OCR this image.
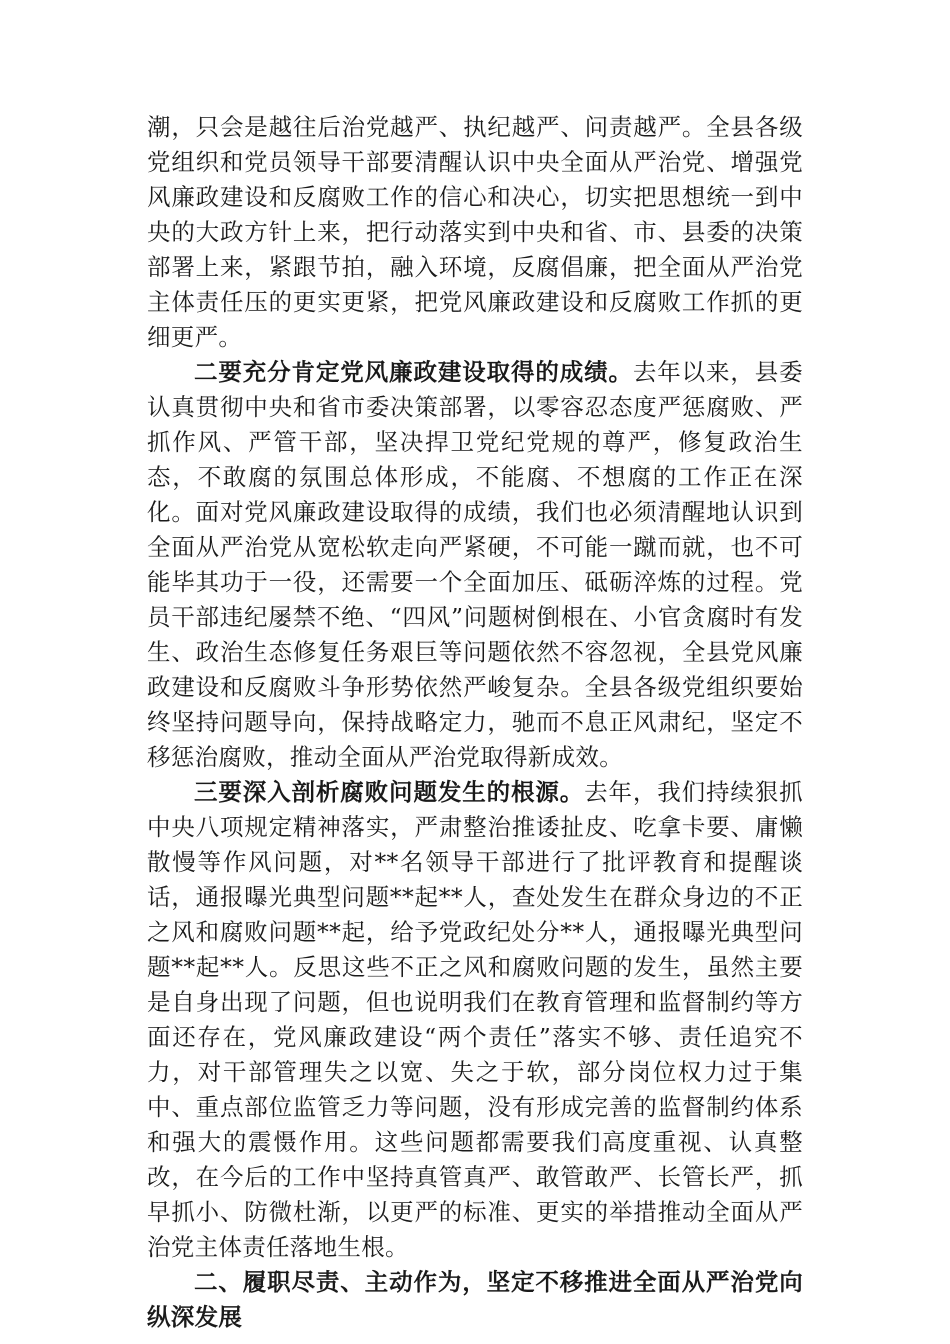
潮，只会是越往后治党越严、执纪越严、问责越严。全县各级党组织和党员领导干部要清醒认识中央全面从严治党、增强党风廉政建设和反腐败工作的信心和决心，切实把思想统一到中央的大政方针上来，把行动落实到中央和省、市、县委的决策部署上来，紧跟节拍，融入环境，反腐倡廉，把全面从严治党主体责任压的更实更紧，把党风廉政建设和反腐败工作抓的更细更严。

二要充分肯定党风廉政建设取得的成绩。去年以来，县委认真贯彻中央和省市委决策部署，以零容忍态度严惩腐败、严抓作风、严管干部，坚决捍卫党纪党规的尊严，修复政治生态，不敢腐的氛围总体形成，不能腐、不想腐的工作正在深化。面对党风廉政建设取得的成绩，我们也必须清醒地认识到全面从严治党从宽松软走向严紧硬，不可能一蹴而就，也不可能毕其功于一役，还需要一个全面加压、砥砺淬炼的过程。党员干部违纪屡禁不绝、“四风”问题树倒根在、小官贪腐时有发生、政治生态修复任务艰巨等问题依然不容忽视，全县党风廉政建设和反腐败斗争形势依然严峻复杂。全县各级党组织要始终坚持问题导向，保持战略定力，驰而不息正风肃纪，坚定不移惩治腐败，推动全面从严治党取得新成效。

三要深入剖析腐败问题发生的根源。去年，我们持续狠抓中央八项规定精神落实，严肃整治推诿扯皮、吃拿卡要、庸懒散慢等作风问题，对**名领导干部进行了批评教育和提醒谈话，通报曝光典型问题**起**人，查处发生在群众身边的不正之风和腐败问题**起，给予党政纪处分**人，通报曝光典型问题**起**人。反思这些不正之风和腐败问题的发生，虽然主要是自身出现了问题，但也说明我们在教育管理和监督制约等方面还存在，党风廉政建设“两个责任”落实不够、责任追究不力，对干部管理失之以宽、失之于软，部分岗位权力过于集中、重点部位监管乏力等问题，没有形成完善的监督制约体系和强大的震慑作用。这些问题都需要我们高度重视、认真整改，在今后的工作中坚持真管真严、敢管敢严、长管长严，抓早抓小、防微杜渐，以更严的标准、更实的举措推动全面从严治党主体责任落地生根。

二、履职尽责、主动作为，坚定不移推进全面从严治党向纵深发展
